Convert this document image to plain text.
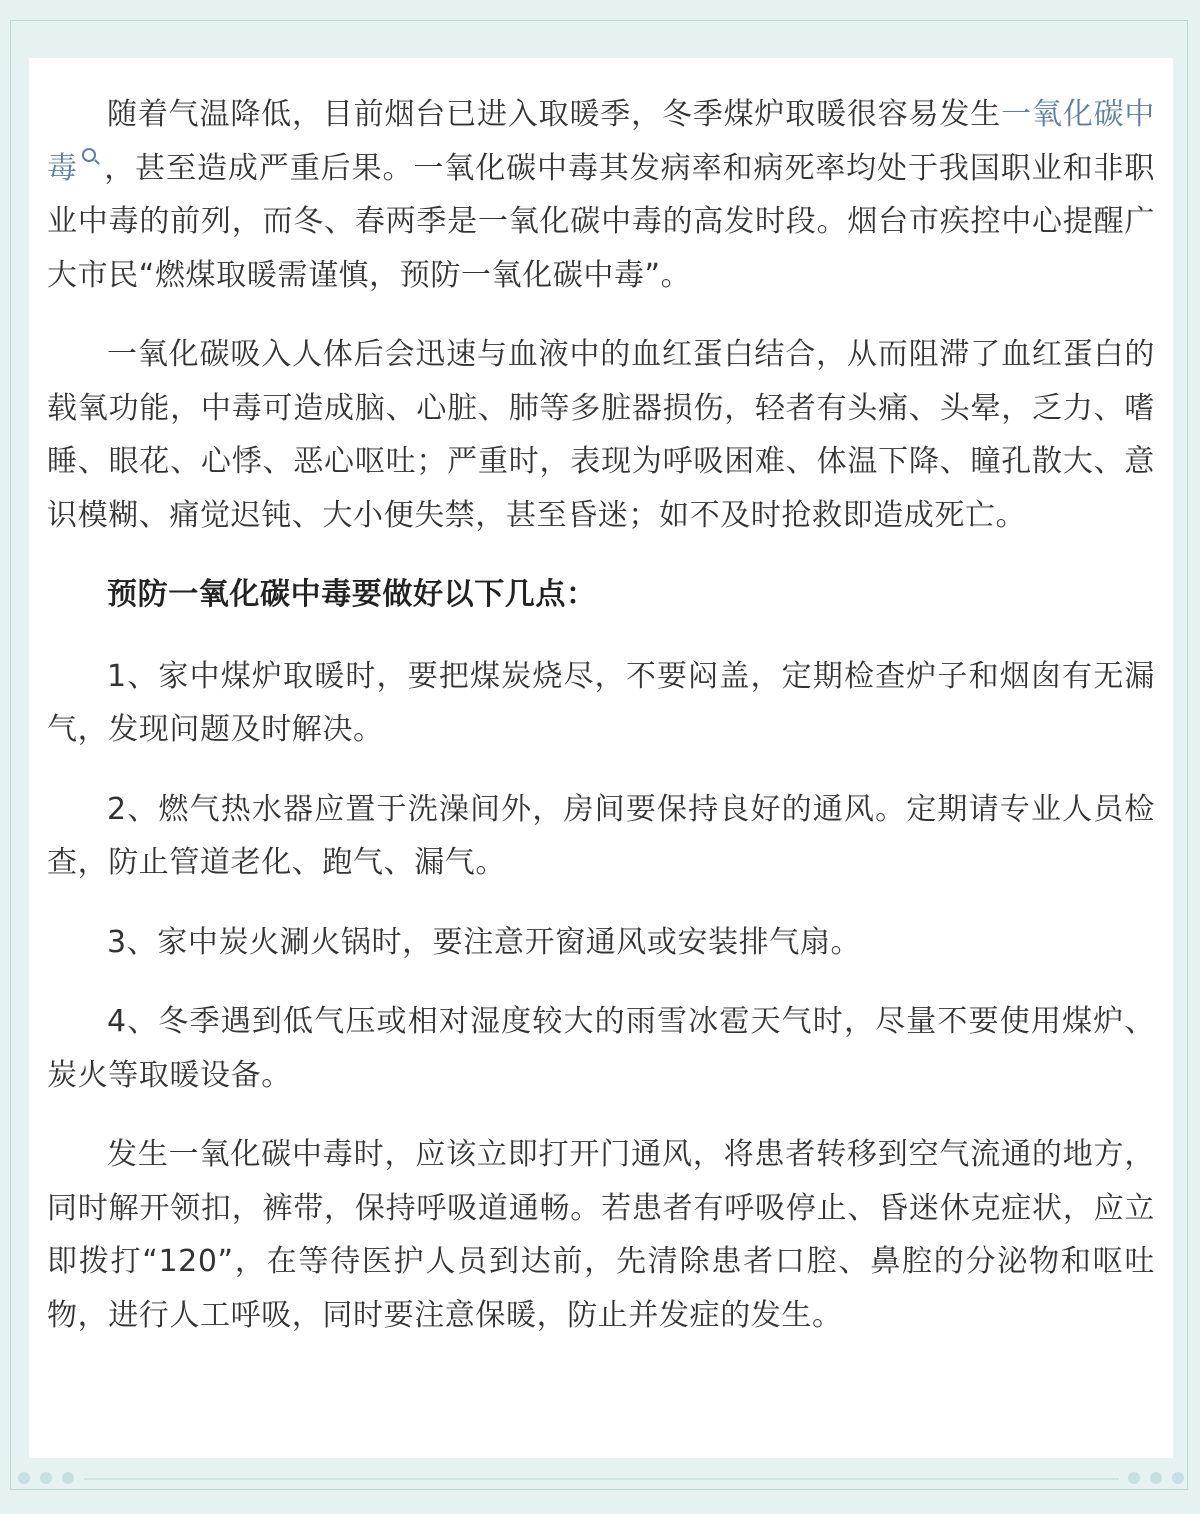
随着气温降低，目前烟台已进入取暖季，冬季煤炉取暖很容易发生一氧化碳中毒 ，甚至造成严重后果。一氧化碳中毒其发病率和病死率均处于我国职业和非职业中毒的前列，而冬、春两季是一氧化碳中毒的高发时段。烟台市疾控中心提醒广大市民“燃煤取暖需谨慎，预防一氧化碳中毒”。

一氧化碳吸入人体后会迅速与血液中的血红蛋白结合，从而阻滞了血红蛋白的载氧功能，中毒可造成脑、心脏、肺等多脏器损伤，轻者有头痛、头晕，乏力、嗜睡、眼花、心悸、恶心呕吐；严重时，表现为呼吸困难、体温下降、瞳孔散大、意识模糊、痛觉迟钝、大小便失禁，甚至昏迷；如不及时抢救即造成死亡。

预防一氧化碳中毒要做好以下几点：

1、家中煤炉取暖时，要把煤炭烧尽，不要闷盖，定期检查炉子和烟囱有无漏气，发现问题及时解决。

2、燃气热水器应置于洗澡间外，房间要保持良好的通风。定期请专业人员检查，防止管道老化、跑气、漏气。

3、家中炭火涮火锅时，要注意开窗通风或安装排气扇。

4、冬季遇到低气压或相对湿度较大的雨雪冰雹天气时，尽量不要使用煤炉、炭火等取暖设备。

发生一氧化碳中毒时，应该立即打开门通风，将患者转移到空气流通的地方，同时解开领扣，裤带，保持呼吸道通畅。若患者有呼吸停止、昏迷休克症状，应立即拨打“120”，在等待医护人员到达前，先清除患者口腔、鼻腔的分泌物和呕吐物，进行人工呼吸，同时要注意保暖，防止并发症的发生。
